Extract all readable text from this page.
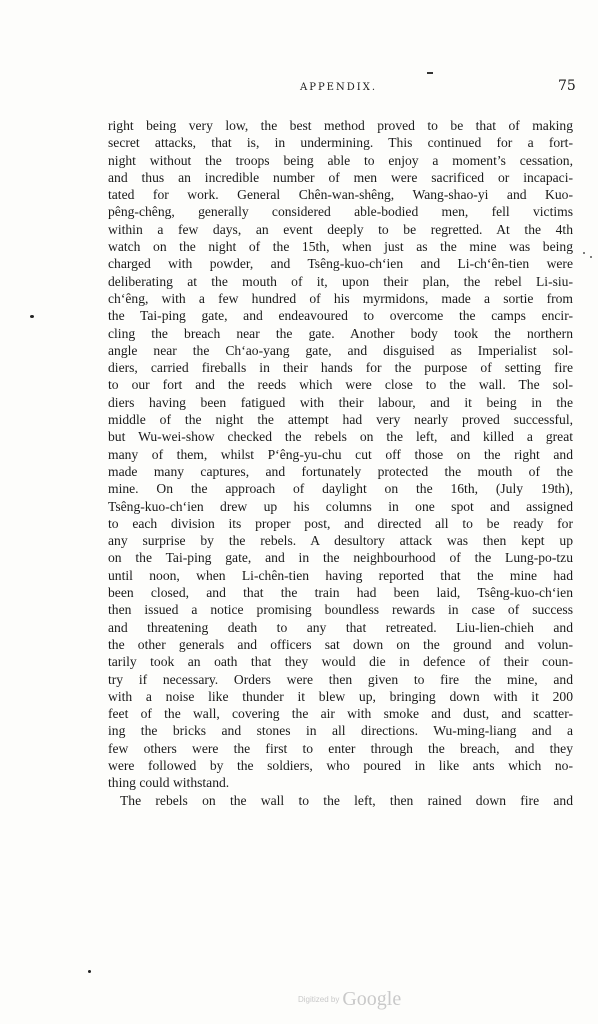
APPENDIX.	75
right being very low, the best method proved to be that of making
secret attacks, that is, in undermining. This continued for a fort-
night without the troops being able to enjoy a moment’s cessation,
and thus an incredible number of men were sacrificed or incapaci-
tated for work. General Chên-wan-shêng, Wang-shao-yi and Kuo-
pêng-chêng, generally considered able-bodied men, fell victims
within a few days, an event deeply to be regretted. At the 4th
watch on the night of the 15th, when just as the mine was being
charged with powder, and Tsêng-kuo-ch‘ien and Li-ch‘ên-tien were
deliberating at the mouth of it, upon their plan, the rebel Li-siu-
ch‘êng, with a few hundred of his myrmidons, made a sortie from
the Tai-ping gate, and endeavoured to overcome the camps encir-
cling the breach near the gate. Another body took the northern
angle near the Ch‘ao-yang gate, and disguised as Imperialist sol-
diers, carried fireballs in their hands for the purpose of setting fire
to our fort and the reeds which were close to the wall. The sol-
diers having been fatigued with their labour, and it being in the
middle of the night the attempt had very nearly proved successful,
but Wu-wei-show checked the rebels on the left, and killed a great
many of them, whilst P‘êng-yu-chu cut off those on the right and
made many captures, and fortunately protected the mouth of the
mine. On the approach of daylight on the 16th, (July 19th),
Tsêng-kuo-ch‘ien drew up his columns in one spot and assigned
to each division its proper post, and directed all to be ready for
any surprise by the rebels. A desultory attack was then kept up
on the Tai-ping gate, and in the neighbourhood of the Lung-po-tzu
until noon, when Li-chên-tien having reported that the mine had
been closed, and that the train had been laid, Tsêng-kuo-ch‘ien
then issued a notice promising boundless rewards in case of success
and threatening death to any that retreated. Liu-lien-chieh and
the other generals and officers sat down on the ground and volun-
tarily took an oath that they would die in defence of their coun-
try if necessary. Orders were then given to fire the mine, and
with a noise like thunder it blew up, bringing down with it 200
feet of the wall, covering the air with smoke and dust, and scatter-
ing the bricks and stones in all directions. Wu-ming-liang and a
few others were the first to enter through the breach, and they
were followed by the soldiers, who poured in like ants which no-
thing could withstand.
The rebels on the wall to the left, then rained down fire and
Digitized by Google
